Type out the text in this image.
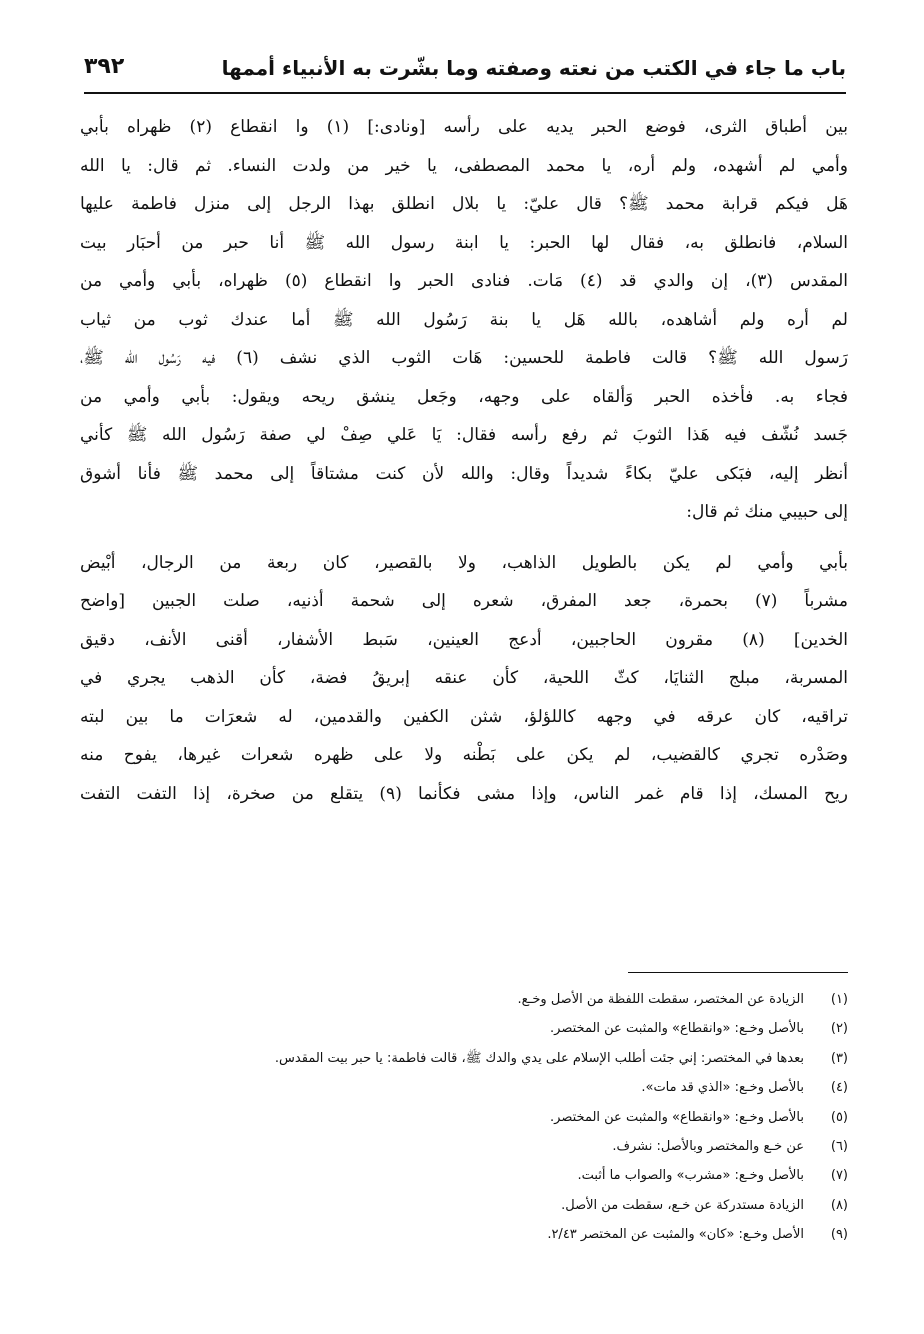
باب ما جاء في الكتب من نعته وصفته وما بشّرت به الأنبياء أممها
٣٩٢
بين أطباق الثرى، فوضع الحبر يديه على رأسه [ونادى:] (١) وا انقطاع (٢) ظهراه بأبي
وأمي لم أشهده، ولم أره، يا محمد المصطفى، يا خير من ولدت النساء. ثم قال: يا الله
هَل فيكم قرابة محمد ﷺ؟ قال عليّ: يا بلال انطلق بهذا الرجل إلى منزل فاطمة عليها
السلام، فانطلق به، فقال لها الحبر: يا ابنة رسول الله ﷺ أنا حبر من أحبَار بيت
المقدس (٣)، إن والدي قد (٤) مَات. فنادى الحبر وا انقطاع (٥) ظهراه، بأبي وأمي من
لم أره ولم أشاهده، بالله هَل يا بنة رَسُول الله ﷺ أما عندك ثوب من ثياب
رَسول الله ﷺ؟ قالت فاطمة للحسين: هَات الثوب الذي نشف (٦) فيه رَسُول الله ﷺ،
فجاء به. فأخذه الحبر وَألقاه على وجهه، وجَعل ينشق ريحه ويقول: بأبي وأمي من
جَسد نُشّف فيه هَذا الثوبَ ثم رفع رأسه فقال: يَا عَلي صِفْ لي صفة رَسُول الله ﷺ كأني
أنظر إليه، فبَكى عليّ بكاءً شديداً وقال: والله لأن كنت مشتاقاً إلى محمد ﷺ فأنا أشوق
إلى حبيبي منك ثم قال:
بأبي وأمي لم يكن بالطويل الذاهب، ولا بالقصير، كان ربعة من الرجال، أبْيض
مشرباً (٧) بحمرة، جعد المفرق، شعره إلى شحمة أذنيه، صلت الجبين [واضح
الخدين] (٨) مقرون الحاجبين، أدعج العينين، سَبط الأشفار، أقنى الأنف، دقيق
المسربة، مبلج الثنايَا، كثّ اللحية، كأن عنقه إبريقُ فضة، كأن الذهب يجري في
تراقيه، كان عرقه في وجهه كاللؤلؤ، شثن الكفين والقدمين، له شعرَات ما بين لبته
وصَدْره تجري كالقضيب، لم يكن على بَطْنه ولا على ظهره شعرات غيرها، يفوح منه
ريح المسك، إذا قام غمر الناس، وإذا مشى فكأنما (٩) يتقلع من صخرة، إذا التفت التفت
(١)
الزيادة عن المختصر، سقطت اللفظة من الأصل وخـع.
(٢)
بالأصل وخـع: «وانقطاع» والمثبت عن المختصر.
(٣)
بعدها في المختصر: إني جئت أطلب الإسلام على يدي والدك ﷺ، قالت فاطمة: يا حبر بيت المقدس.
(٤)
بالأصل وخـع: «الذي قد مات».
(٥)
بالأصل وخـع: «وانقطاع» والمثبت عن المختصر.
(٦)
عن خـع والمختصر وبالأصل: نشرف.
(٧)
بالأصل وخـع: «مشرب» والصواب ما أثبت.
(٨)
الزيادة مستدركة عن خـع، سقطت من الأصل.
(٩)
الأصل وخـع: «كان» والمثبت عن المختصر ٢/٤٣.
